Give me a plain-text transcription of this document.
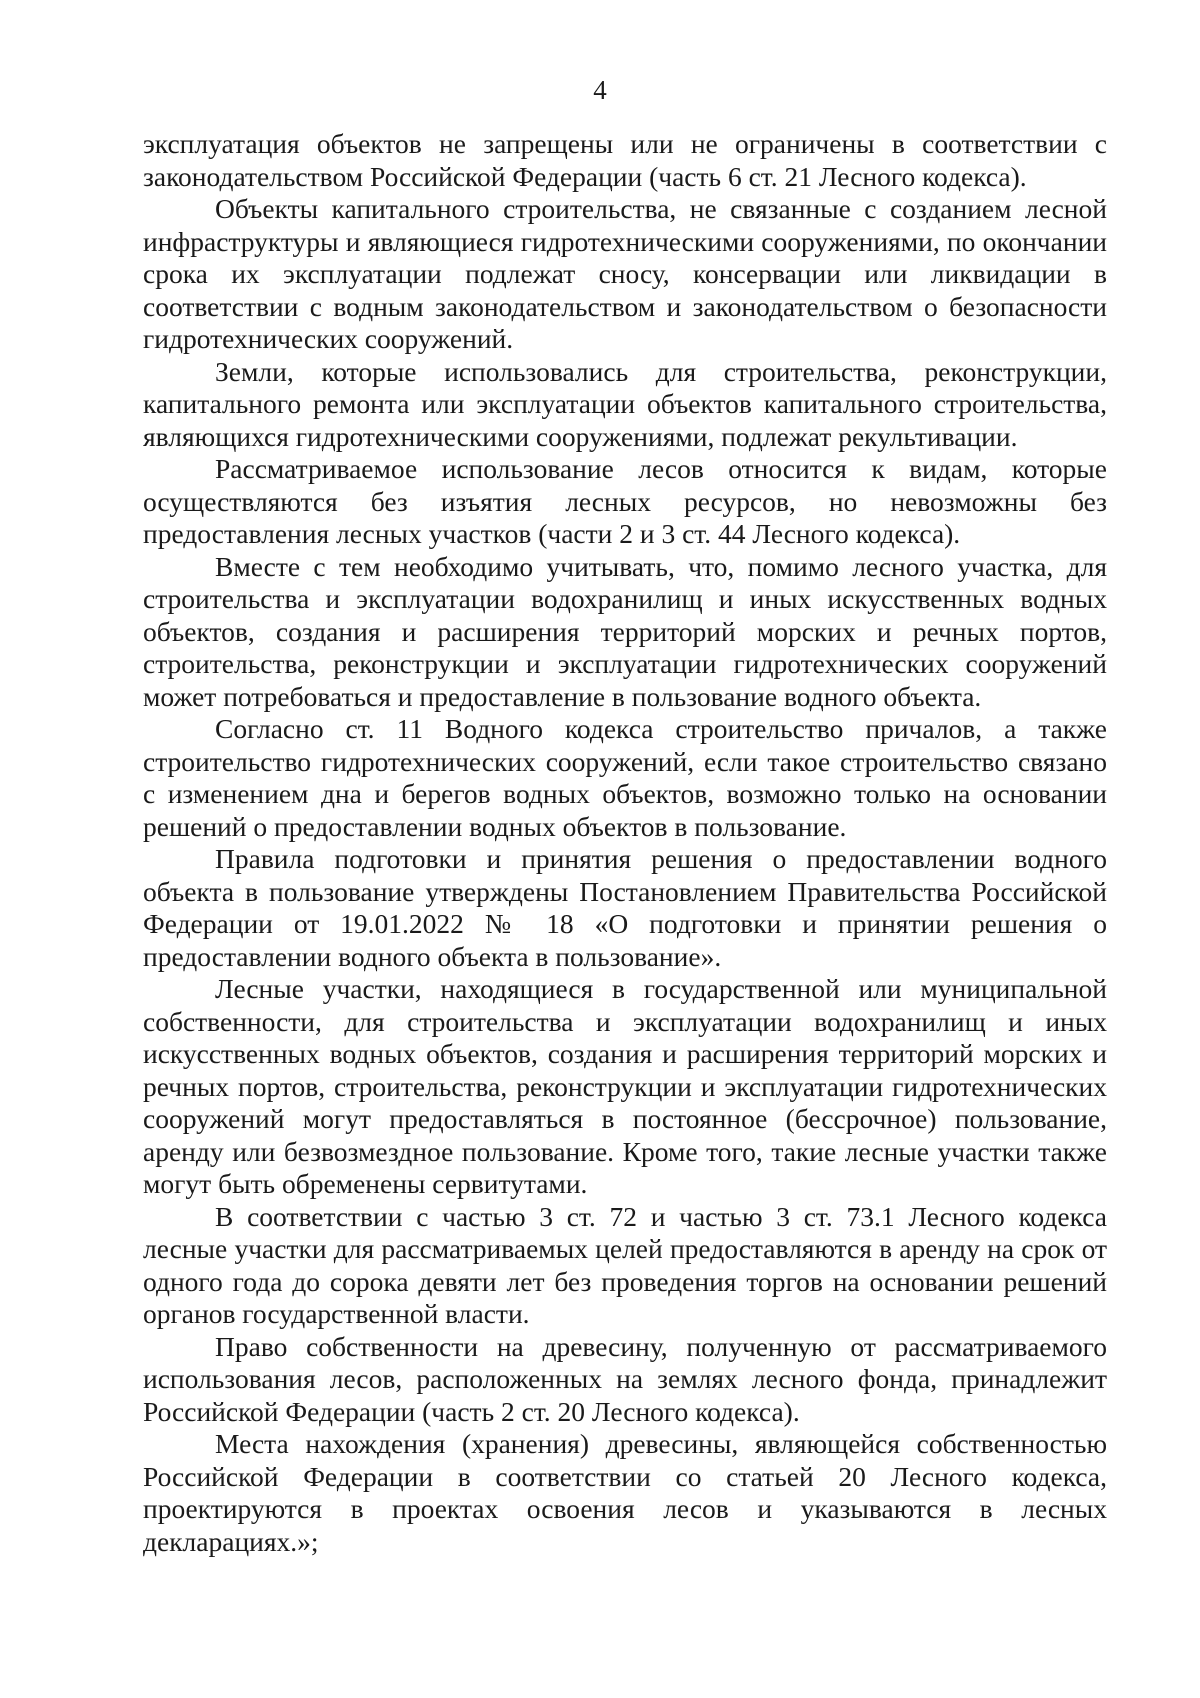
4

эксплуатация объектов не запрещены или не ограничены в соответствии с законодательством Российской Федерации (часть 6 ст. 21 Лесного кодекса).

Объекты капитального строительства, не связанные с созданием лесной инфраструктуры и являющиеся гидротехническими сооружениями, по окончании срока их эксплуатации подлежат сносу, консервации или ликвидации в соответствии с водным законодательством и законодательством о безопасности гидротехнических сооружений.

Земли, которые использовались для строительства, реконструкции, капитального ремонта или эксплуатации объектов капитального строительства, являющихся гидротехническими сооружениями, подлежат рекультивации.

Рассматриваемое использование лесов относится к видам, которые осуществляются без изъятия лесных ресурсов, но невозможны без предоставления лесных участков (части 2 и 3 ст. 44 Лесного кодекса).

Вместе с тем необходимо учитывать, что, помимо лесного участка, для строительства и эксплуатации водохранилищ и иных искусственных водных объектов, создания и расширения территорий морских и речных портов, строительства, реконструкции и эксплуатации гидротехнических сооружений может потребоваться и предоставление в пользование водного объекта.

Согласно ст. 11 Водного кодекса строительство причалов, а также строительство гидротехнических сооружений, если такое строительство связано с изменением дна и берегов водных объектов, возможно только на основании решений о предоставлении водных объектов в пользование.

Правила подготовки и принятия решения о предоставлении водного объекта в пользование утверждены Постановлением Правительства Российской Федерации от 19.01.2022 № 18 «О подготовки и принятии решения о предоставлении водного объекта в пользование».

Лесные участки, находящиеся в государственной или муниципальной собственности, для строительства и эксплуатации водохранилищ и иных искусственных водных объектов, создания и расширения территорий морских и речных портов, строительства, реконструкции и эксплуатации гидротехнических сооружений могут предоставляться в постоянное (бессрочное) пользование, аренду или безвозмездное пользование. Кроме того, такие лесные участки также могут быть обременены сервитутами.

В соответствии с частью 3 ст. 72 и частью 3 ст. 73.1 Лесного кодекса лесные участки для рассматриваемых целей предоставляются в аренду на срок от одного года до сорока девяти лет без проведения торгов на основании решений органов государственной власти.

Право собственности на древесину, полученную от рассматриваемого использования лесов, расположенных на землях лесного фонда, принадлежит Российской Федерации (часть 2 ст. 20 Лесного кодекса).

Места нахождения (хранения) древесины, являющейся собственностью Российской Федерации в соответствии со статьей 20 Лесного кодекса, проектируются в проектах освоения лесов и указываются в лесных декларациях.»;
